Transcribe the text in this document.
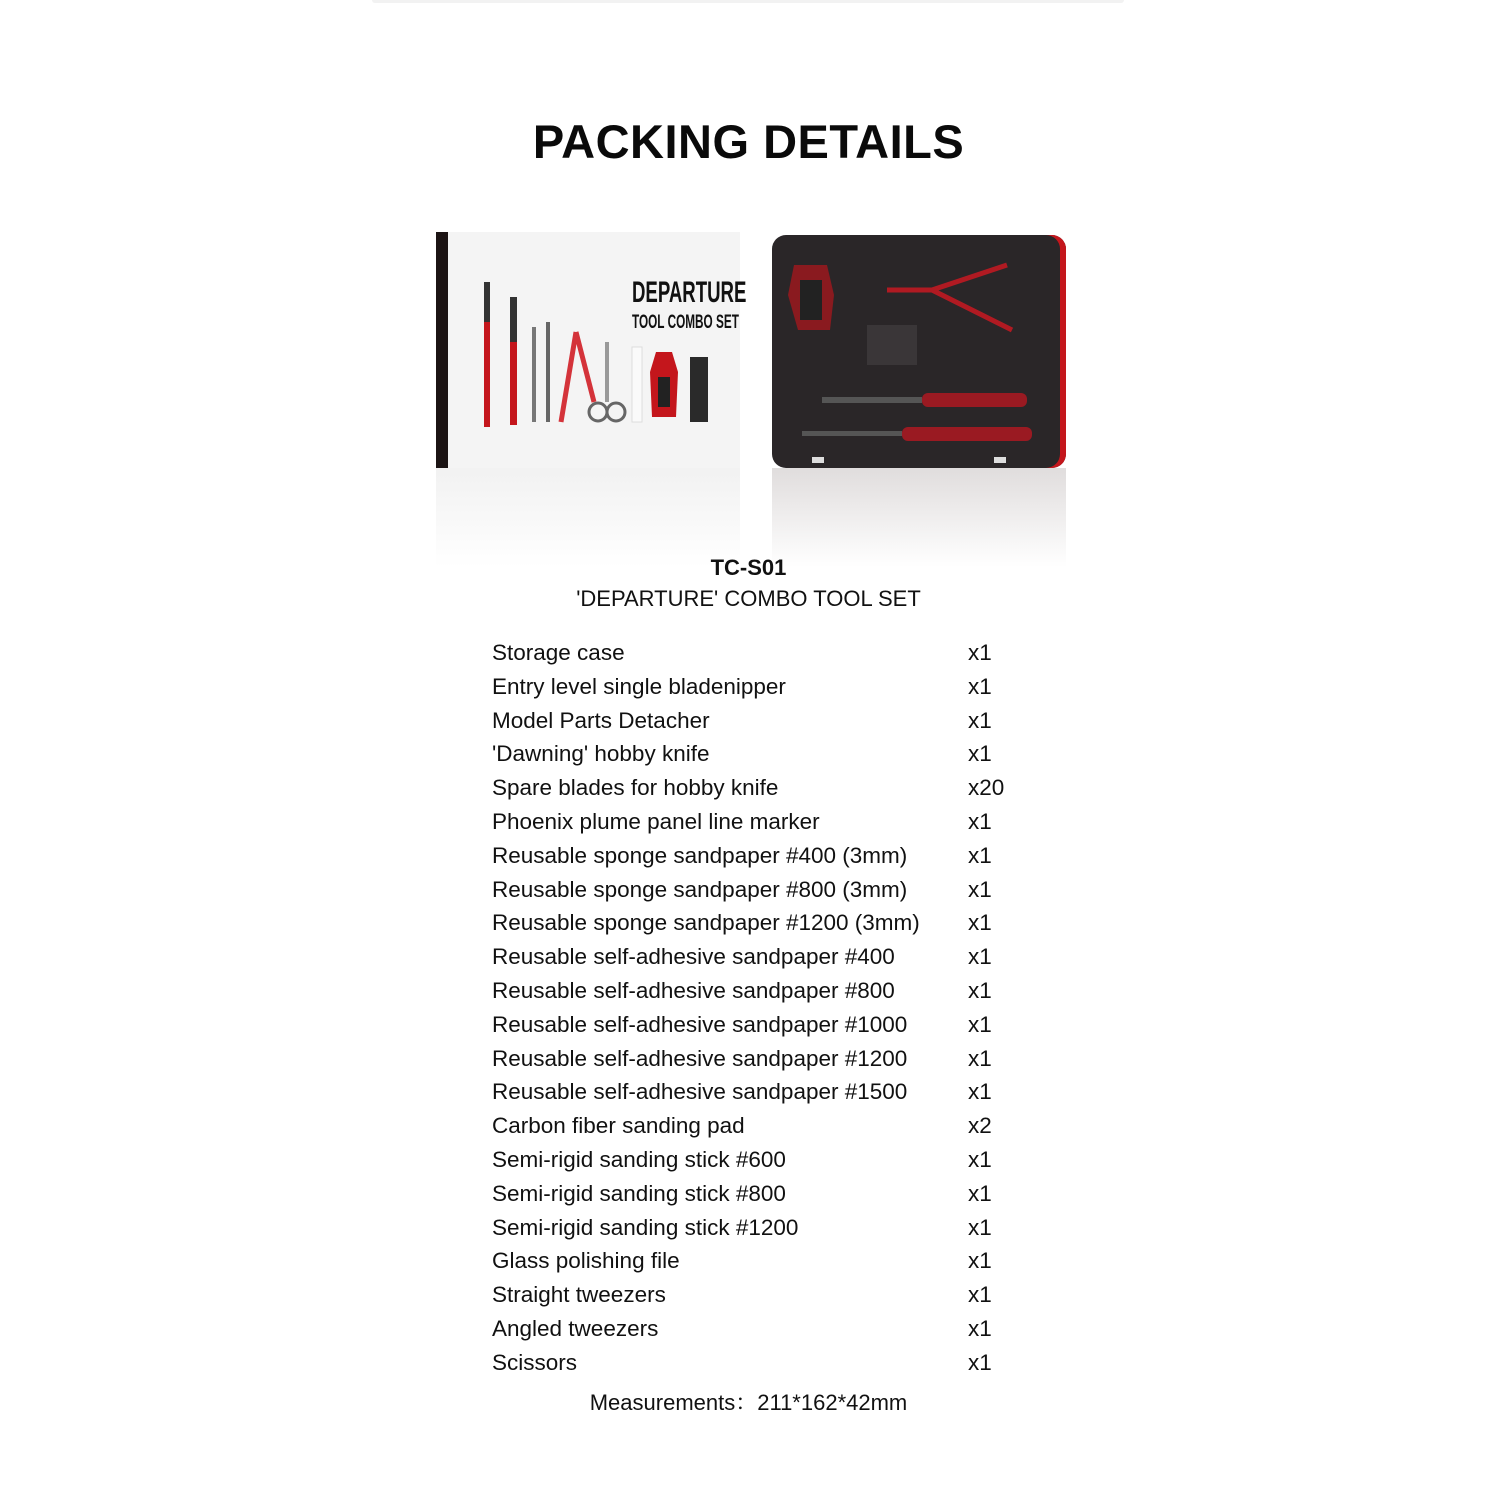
PACKING DETAILS
DEPARTURE
TOOL COMBO SET
TC-S01
'DEPARTURE' COMBO TOOL SET
Storage case	x1
Entry level single bladenipper	x1
Model Parts Detacher	x1
'Dawning' hobby knife	x1
Spare blades for hobby knife	x20
Phoenix plume panel line marker	x1
Reusable sponge sandpaper #400 (3mm)	x1
Reusable sponge sandpaper #800 (3mm)	x1
Reusable sponge sandpaper #1200 (3mm)	x1
Reusable self-adhesive sandpaper #400	x1
Reusable self-adhesive sandpaper #800	x1
Reusable self-adhesive sandpaper #1000	x1
Reusable self-adhesive sandpaper #1200	x1
Reusable self-adhesive sandpaper #1500	x1
Carbon fiber sanding pad	x2
Semi-rigid sanding stick #600	x1
Semi-rigid sanding stick #800	x1
Semi-rigid sanding stick #1200	x1
Glass polishing file	x1
Straight tweezers	x1
Angled tweezers	x1
Scissors	x1
Measurements：211*162*42mm
